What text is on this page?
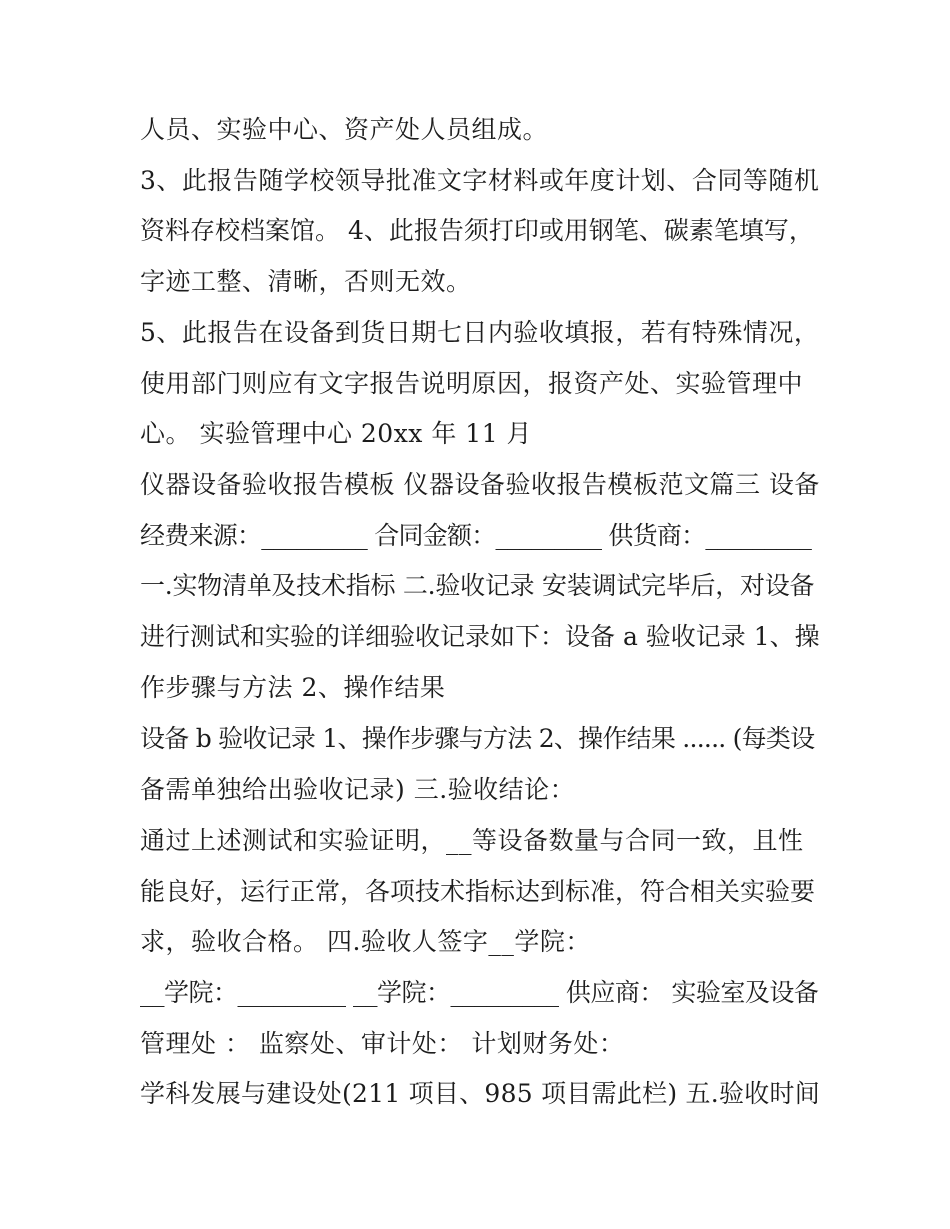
人员、实验中心、资产处人员组成。
3、此报告随学校领导批准文字材料或年度计划、合同等随机
资料存校档案馆。 4、此报告须打印或用钢笔、碳素笔填写，
字迹工整、清晰，否则无效。
5、此报告在设备到货日期七日内验收填报，若有特殊情况，
使用部门则应有文字报告说明原因，报资产处、实验管理中
心。 实验管理中心 20xx 年 11 月
仪器设备验收报告模板 仪器设备验收报告模板范文篇三 设备
经费来源：_________ 合同金额：_________ 供货商：_________
一.实物清单及技术指标 二.验收记录 安装调试完毕后，对设备
进行测试和实验的详细验收记录如下：设备 a 验收记录 1、操
作步骤与方法 2、操作结果
设备 b 验收记录 1、操作步骤与方法 2、操作结果 ...... (每类设
备需单独给出验收记录) 三.验收结论：
通过上述测试和实验证明，__等设备数量与合同一致，且性
能良好，运行正常，各项技术指标达到标准，符合相关实验要
求，验收合格。 四.验收人签字__学院：
__学院：_________ __学院：_________ 供应商： 实验室及设备
管理处 ： 监察处、审计处： 计划财务处：
学科发展与建设处(211 项目、985 项目需此栏) 五.验收时间
